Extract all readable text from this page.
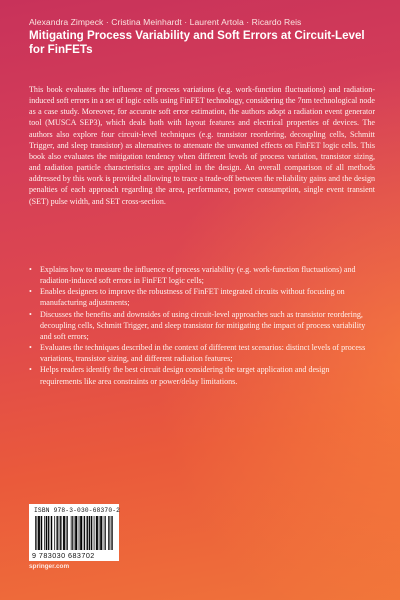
Alexandra Zimpeck · Cristina Meinhardt · Laurent Artola · Ricardo Reis
Mitigating Process Variability and Soft Errors at Circuit-Level for FinFETs

This book evaluates the influence of process variations (e.g. work-function fluctuations) and radiation-induced soft errors in a set of logic cells using FinFET technology, considering the 7nm technological node as a case study. Moreover, for accurate soft error estimation, the authors adopt a radiation event generator tool (MUSCA SEP3), which deals both with layout features and electrical properties of devices. The authors also explore four circuit-level techniques (e.g. transistor reordering, decoupling cells, Schmitt Trigger, and sleep transistor) as alternatives to attenuate the unwanted effects on FinFET logic cells. This book also evaluates the mitigation tendency when different levels of process variation, transistor sizing, and radiation particle characteristics are applied in the design. An overall comparison of all methods addressed by this work is provided allowing to trace a trade-off between the reliability gains and the design penalties of each approach regarding the area, performance, power consumption, single event transient (SET) pulse width, and SET cross-section.

• Explains how to measure the influence of process variability (e.g. work-function fluctuations) and radiation-induced soft errors in FinFET logic cells;
• Enables designers to improve the robustness of FinFET integrated circuits without focusing on manufacturing adjustments;
• Discusses the benefits and downsides of using circuit-level approaches such as transistor reordering, decoupling cells, Schmitt Trigger, and sleep transistor for mitigating the impact of process variability and soft errors;
• Evaluates the techniques described in the context of different test scenarios: distinct levels of process variations, transistor sizing, and different radiation features;
• Helps readers identify the best circuit design considering the target application and design requirements like area constraints or power/delay limitations.
ISBN 978-3-030-68370-2
9 783030 683702
springer.com
